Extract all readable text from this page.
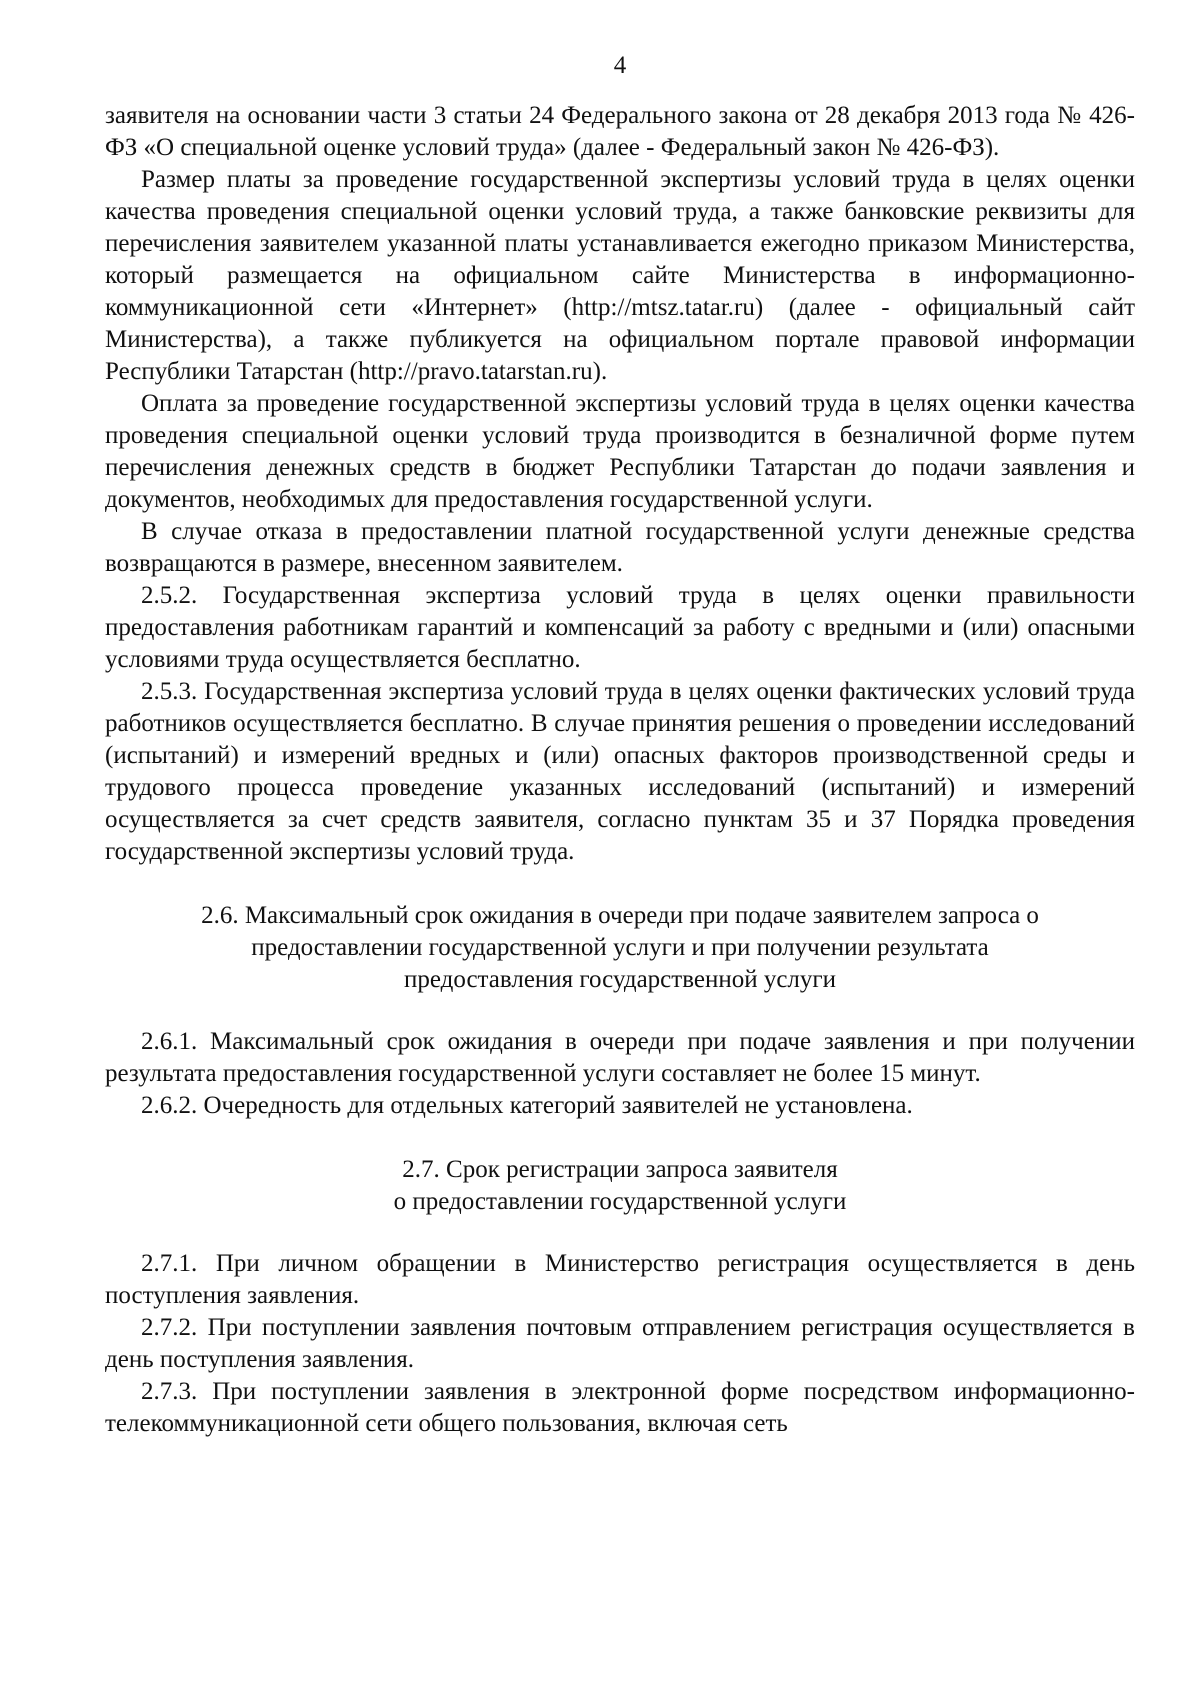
4

заявителя на основании части 3 статьи 24 Федерального закона от 28 декабря 2013 года № 426-ФЗ «О специальной оценке условий труда» (далее - Федеральный закон № 426-ФЗ).

Размер платы за проведение государственной экспертизы условий труда в целях оценки качества проведения специальной оценки условий труда, а также банковские реквизиты для перечисления заявителем указанной платы устанавливается ежегодно приказом Министерства, который размещается на официальном сайте Министерства в информационно-коммуникационной сети «Интернет» (http://mtsz.tatar.ru) (далее - официальный сайт Министерства), а также публикуется на официальном портале правовой информации Республики Татарстан (http://pravo.tatarstan.ru).

Оплата за проведение государственной экспертизы условий труда в целях оценки качества проведения специальной оценки условий труда производится в безналичной форме путем перечисления денежных средств в бюджет Республики Татарстан до подачи заявления и документов, необходимых для предоставления государственной услуги.

В случае отказа в предоставлении платной государственной услуги денежные средства возвращаются в размере, внесенном заявителем.

2.5.2. Государственная экспертиза условий труда в целях оценки правильности предоставления работникам гарантий и компенсаций за работу с вредными и (или) опасными условиями труда осуществляется бесплатно.

2.5.3. Государственная экспертиза условий труда в целях оценки фактических условий труда работников осуществляется бесплатно. В случае принятия решения о проведении исследований (испытаний) и измерений вредных и (или) опасных факторов производственной среды и трудового процесса проведение указанных исследований (испытаний) и измерений осуществляется за счет средств заявителя, согласно пунктам 35 и 37 Порядка проведения государственной экспертизы условий труда.

2.6. Максимальный срок ожидания в очереди при подаче заявителем запроса о
предоставлении государственной услуги и при получении результата
предоставления государственной услуги

2.6.1. Максимальный срок ожидания в очереди при подаче заявления и при получении результата предоставления государственной услуги составляет не более 15 минут.

2.6.2. Очередность для отдельных категорий заявителей не установлена.

2.7. Срок регистрации запроса заявителя
о предоставлении государственной услуги

2.7.1. При личном обращении в Министерство регистрация осуществляется в день поступления заявления.

2.7.2. При поступлении заявления почтовым отправлением регистрация осуществляется в день поступления заявления.

2.7.3. При поступлении заявления в электронной форме посредством информационно-телекоммуникационной сети общего пользования, включая сеть
